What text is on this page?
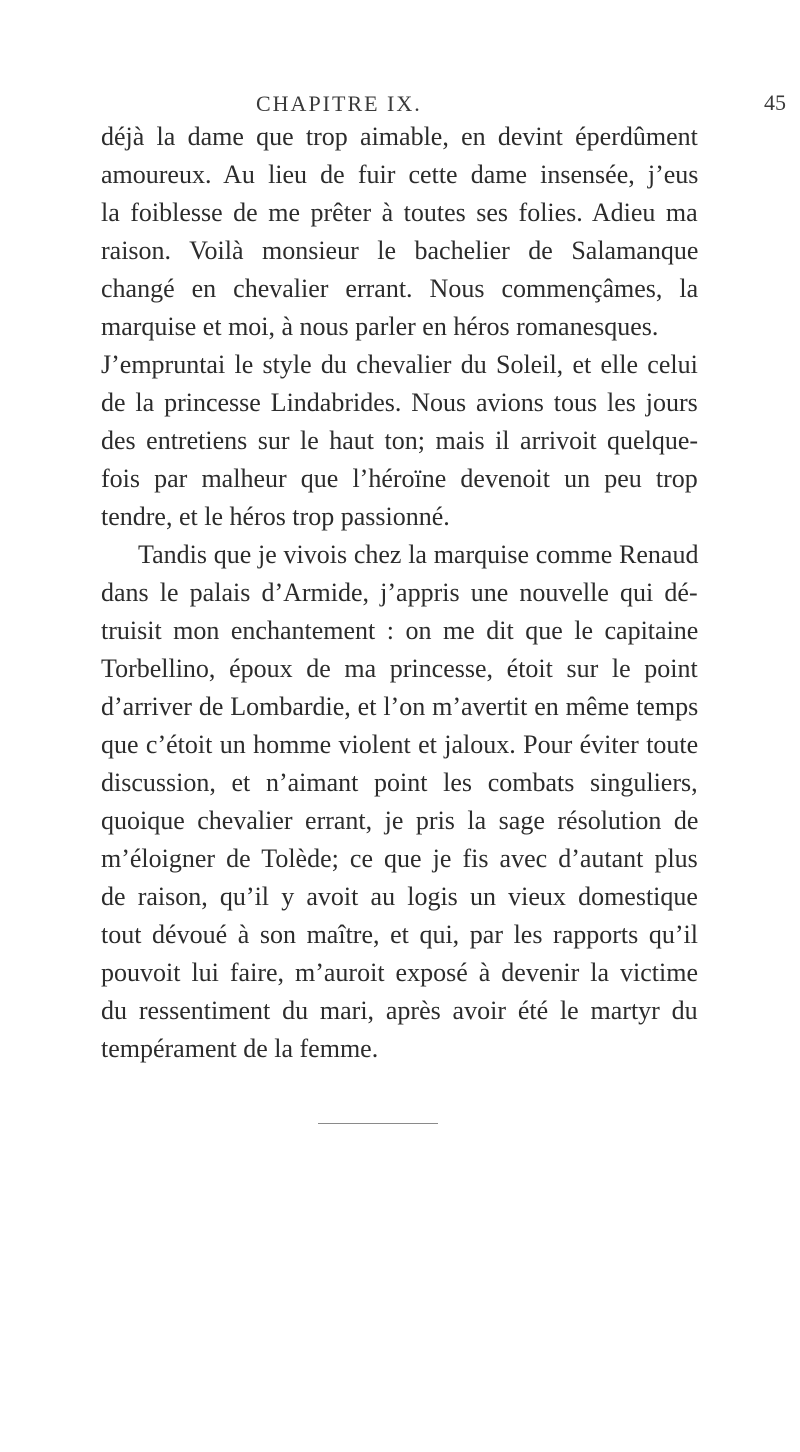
CHAPITRE IX.	45
déjà la dame que trop aimable, en devint éperdûment
amoureux. Au lieu de fuir cette dame insensée, j’eus
la foiblesse de me prêter à toutes ses folies. Adieu ma
raison. Voilà monsieur le bachelier de Salamanque
changé en chevalier errant. Nous commençâmes, la
marquise et moi, à nous parler en héros romanesques.
J’empruntai le style du chevalier du Soleil, et elle celui
de la princesse Lindabrides. Nous avions tous les jours
des entretiens sur le haut ton; mais il arrivoit quelque-
fois par malheur que l’héroïne devenoit un peu trop
tendre, et le héros trop passionné.
Tandis que je vivois chez la marquise comme Renaud
dans le palais d’Armide, j’appris une nouvelle qui dé-
truisit mon enchantement : on me dit que le capitaine
Torbellino, époux de ma princesse, étoit sur le point
d’arriver de Lombardie, et l’on m’avertit en même temps
que c’étoit un homme violent et jaloux. Pour éviter toute
discussion, et n’aimant point les combats singuliers,
quoique chevalier errant, je pris la sage résolution de
m’éloigner de Tolède; ce que je fis avec d’autant plus
de raison, qu’il y avoit au logis un vieux domestique
tout dévoué à son maître, et qui, par les rapports qu’il
pouvoit lui faire, m’auroit exposé à devenir la victime
du ressentiment du mari, après avoir été le martyr du
tempérament de la femme.
